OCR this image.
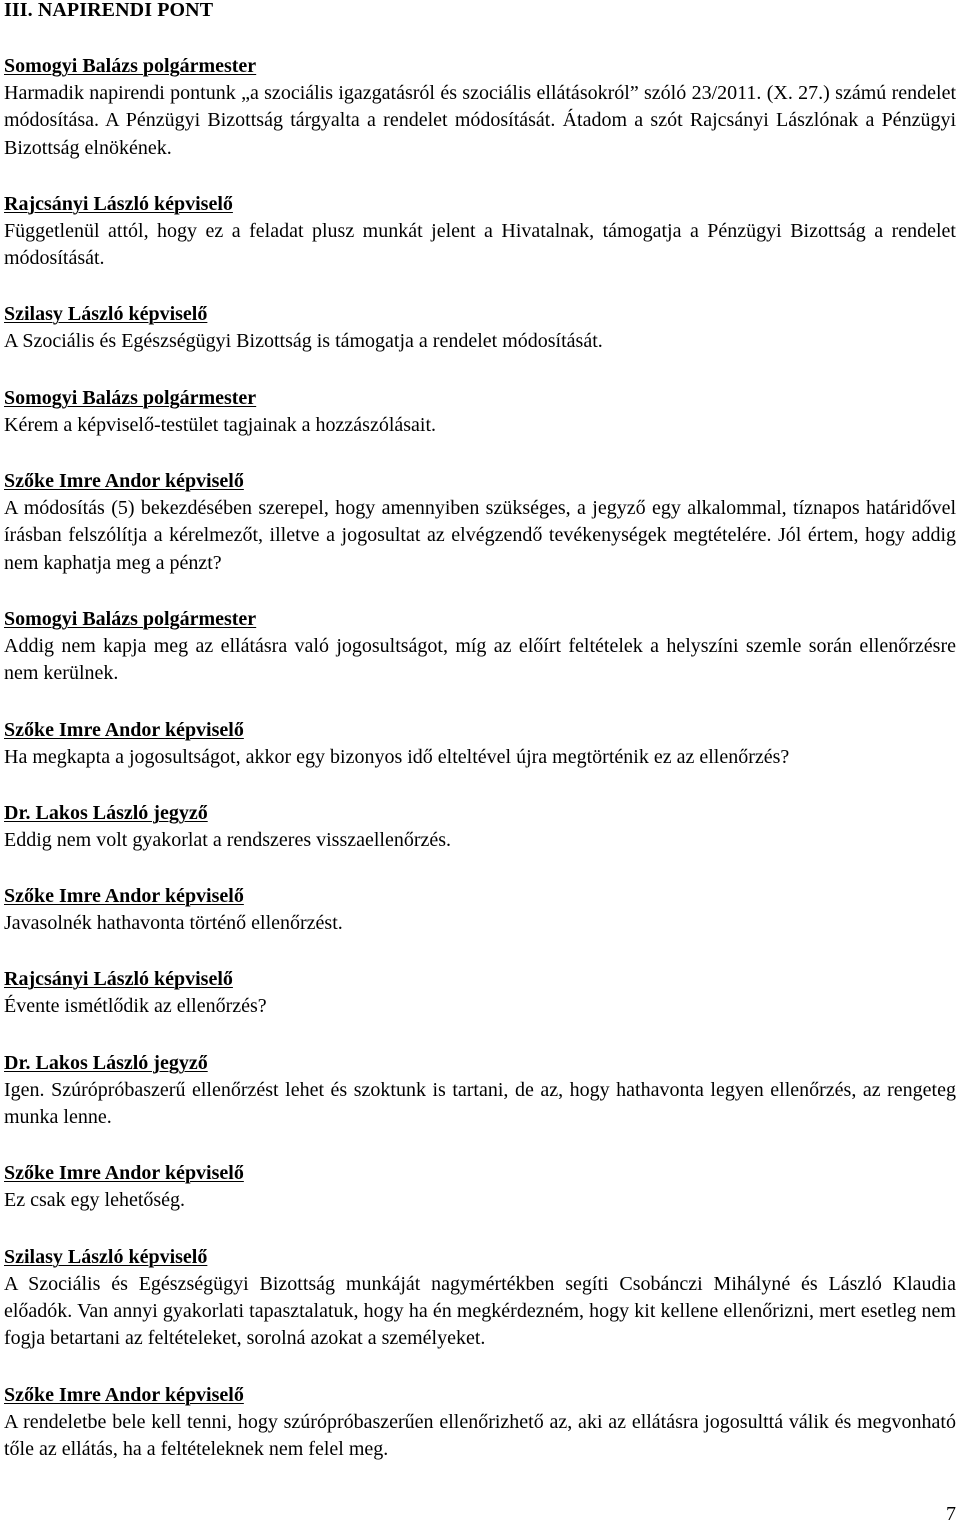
III. NAPIRENDI PONT
Somogyi Balázs polgármester

Harmadik napirendi pontunk „a szociális igazgatásról és szociális ellátásokról” szóló 23/2011. (X. 27.) számú rendelet módosítása. A Pénzügyi Bizottság tárgyalta a rendelet módosítását. Átadom a szót Rajcsányi Lászlónak a Pénzügyi Bizottság elnökének.

Rajcsányi László képviselő

Függetlenül attól, hogy ez a feladat plusz munkát jelent a Hivatalnak, támogatja a Pénzügyi Bizottság a rendelet módosítását.

Szilasy László képviselő

A Szociális és Egészségügyi Bizottság is támogatja a rendelet módosítását.

Somogyi Balázs polgármester

Kérem a képviselő-testület tagjainak a hozzászólásait.

Szőke Imre Andor képviselő

A módosítás (5) bekezdésében szerepel, hogy amennyiben szükséges, a jegyző egy alkalommal, tíznapos határidővel írásban felszólítja a kérelmezőt, illetve a jogosultat az elvégzendő tevékenységek megtételére. Jól értem, hogy addig nem kaphatja meg a pénzt?

Somogyi Balázs polgármester

Addig nem kapja meg az ellátásra való jogosultságot, míg az előírt feltételek a helyszíni szemle során ellenőrzésre nem kerülnek.

Szőke Imre Andor képviselő

Ha megkapta a jogosultságot, akkor egy bizonyos idő elteltével újra megtörténik ez az ellenőrzés?

Dr. Lakos László jegyző

Eddig nem volt gyakorlat a rendszeres visszaellenőrzés.

Szőke Imre Andor képviselő

Javasolnék hathavonta történő ellenőrzést.

Rajcsányi László képviselő

Évente ismétlődik az ellenőrzés?

Dr. Lakos László jegyző

Igen. Szúrópróbaszerű ellenőrzést lehet és szoktunk is tartani, de az, hogy hathavonta legyen ellenőrzés, az rengeteg munka lenne.

Szőke Imre Andor képviselő

Ez csak egy lehetőség.

Szilasy László képviselő

A Szociális és Egészségügyi Bizottság munkáját nagymértékben segíti Csobánczi Mihályné és László Klaudia előadók. Van annyi gyakorlati tapasztalatuk, hogy ha én megkérdezném, hogy kit kellene ellenőrizni, mert esetleg nem fogja betartani az feltételeket, sorolná azokat a személyeket.

Szőke Imre Andor képviselő

A rendeletbe bele kell tenni, hogy szúrópróbaszerűen ellenőrizhető az, aki az ellátásra jogosulttá válik és megvonható tőle az ellátás, ha a feltételeknek nem felel meg.

7
